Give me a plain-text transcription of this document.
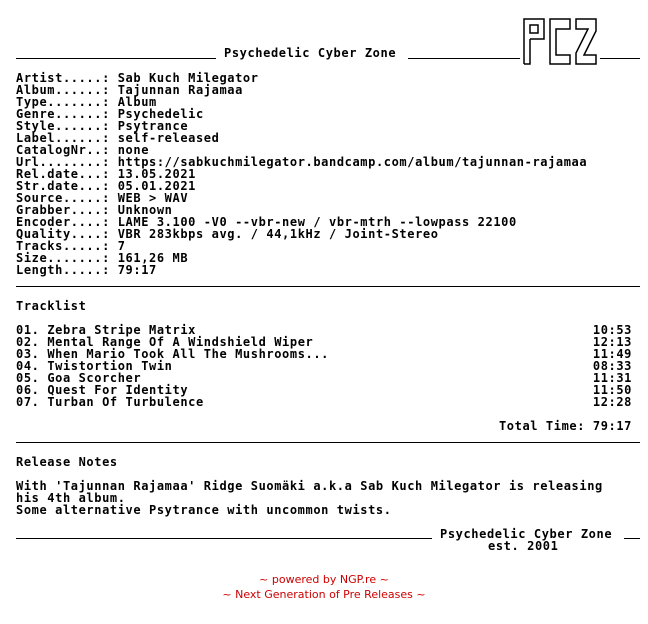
Psychedelic Cyber Zone
Artist.....: Sab Kuch Milegator
Album......: Tajunnan Rajamaa
Type.......: Album
Genre......: Psychedelic
Style......: Psytrance
Label......: self-released
CatalogNr..: none
Url........: https://sabkuchmilegator.bandcamp.com/album/tajunnan-rajamaa
Rel.date...: 13.05.2021
Str.date...: 05.01.2021
Source.....: WEB > WAV
Grabber....: Unknown
Encoder....: LAME 3.100 -V0 --vbr-new / vbr-mtrh --lowpass 22100
Quality....: VBR 283kbps avg. / 44,1kHz / Joint-Stereo
Tracks.....: 7
Size.......: 161,26 MB
Length.....: 79:17
Tracklist
01. Zebra Stripe Matrix	10:53
02. Mental Range Of A Windshield Wiper	12:13
03. When Mario Took All The Mushrooms...	11:49
04. Twistortion Twin	08:33
05. Goa Scorcher	11:31
06. Quest For Identity	11:50
07. Turban Of Turbulence	12:28
Total Time: 79:17
Release Notes
With 'Tajunnan Rajamaa' Ridge Suomäki a.k.a Sab Kuch Milegator is releasing
his 4th album.
Some alternative Psytrance with uncommon twists.
Psychedelic Cyber Zone
est. 2001
~ powered by NGP.re ~
~ Next Generation of Pre Releases ~
